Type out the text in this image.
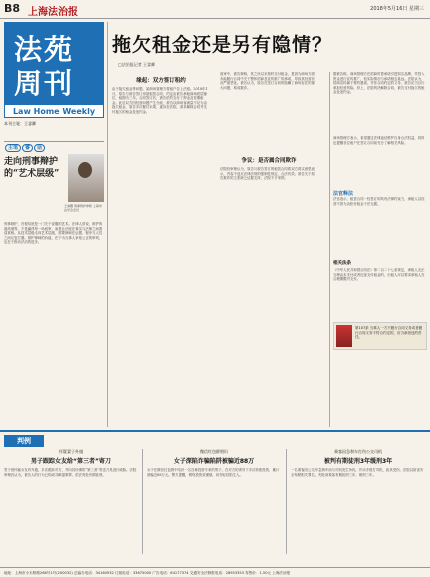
B8 上海法治报	2018年5月16日 星期三
法苑
周刊
Law Home Weekly
本刊主笔：王睿卿
主笔 睿 话
走向刑事辩护的“艺术层级”
王睿卿 刑事辩护律师 上海市法学会会员
刑事辩护，归根结底是一门关于说服的艺术。法律人常说，辩护的最高境界，不是赢得每一场庭审，而是让法庭在事实与法律之间看清真相。从技术层级走向艺术层级，需要律师在证据、程序与人性之间反复打磨。辩护律师的价值，在于为当事人争取公正的审判，也在于推动法治的进步。
拖欠租金还是另有隐情？
□法治报记者 王睿卿
缘起：双方签订租约
由于拖欠租金等问题，某商场管理方将租户告上法庭。2018年1月，原告与被告签订房屋租赁合同，约定由被告承租商场底层铺位，租期为三年。合同签订后，被告依约支付了押金及首期租金。此后双方因经营问题产生分歧，被告以商场客流量不足为由拖欠租金，原告多次催讨未果，遂诉至法院，请求解除合同并支付拖欠的租金及违约金。
庭审中，被告辩称，其之所以未按时支付租金，是因为商场方面未能履行合同中关于整体招商及宣传推广的承诺，导致其经营状况严重恶化。被告认为，原告在签订合同时隐瞒了商场存在的重大问题，构成欺诈。
争议：是否属合同欺诈
法院经审理认为，原告与被告签订的租赁合同系双方真实意思表示，内容不违反法律法规的强制性规定，合法有效。被告关于原告欺诈的主张缺乏证据支持，法院不予采纳。
据被告称，商场管理方在招商时曾承诺引进知名品牌，并投入资金进行宣传推广，但实际情况与承诺相去甚远。法院认为，招商宣传属于要约邀请，并非合同约定的义务，被告应当自行承担经营风险。综上，法院判决解除合同，被告支付拖欠的租金及违约金。
商场管理方表示，希望通过法律途径维护自身合法权益，同时也提醒各位租户在签订合同前充分了解相关风险。
法官释法
法官表示，租赁合同一经签订即具有法律约束力，承租人以经营不善为由拒付租金于法无据。
相关法条
《中华人民共和国合同法》第二百二十七条规定，承租人无正当理由未支付或者迟延支付租金的，出租人可以要求承租人在合理期限内支付。
第107条 当事人一方不履行合同义务或者履行合同义务不符合约定的，应当承担违约责任。
判例
怀疑妻子外遇
男子跟踪女友给“第三者”寄刀
男子因怀疑女友有外遇，多次跟踪对方，并向其所谓的“第三者”寄送刀具进行威胁。法院审理后认为，被告人的行为已构成寻衅滋事罪，依法判处有期徒刑。
微信红包群相识
女子深陷诈骗陷阱被骗近88万
女子在微信红包群中结识一名自称投资专家的男子，在对方的诱导下多次转账投资，累计被骗近88万元。警方提醒，网络投资须谨慎，切勿轻信陌生人。
乘客因急刹车打伤公交司机
被判有期徒刑3年缓刑3年
一名乘客因公交车急刹车而与司机发生争执，并动手殴打司机，致其受伤。法院以妨害安全驾驶相关罪名，判处该乘客有期徒刑三年，缓刑三年。
地址：上海市小木桥路268号1号(200032) 总编办电话：34160932 订阅电话：33675000 广告电话：64177374 交通安全法制报电话：28953353 零售价：1.50元 上海法治报
